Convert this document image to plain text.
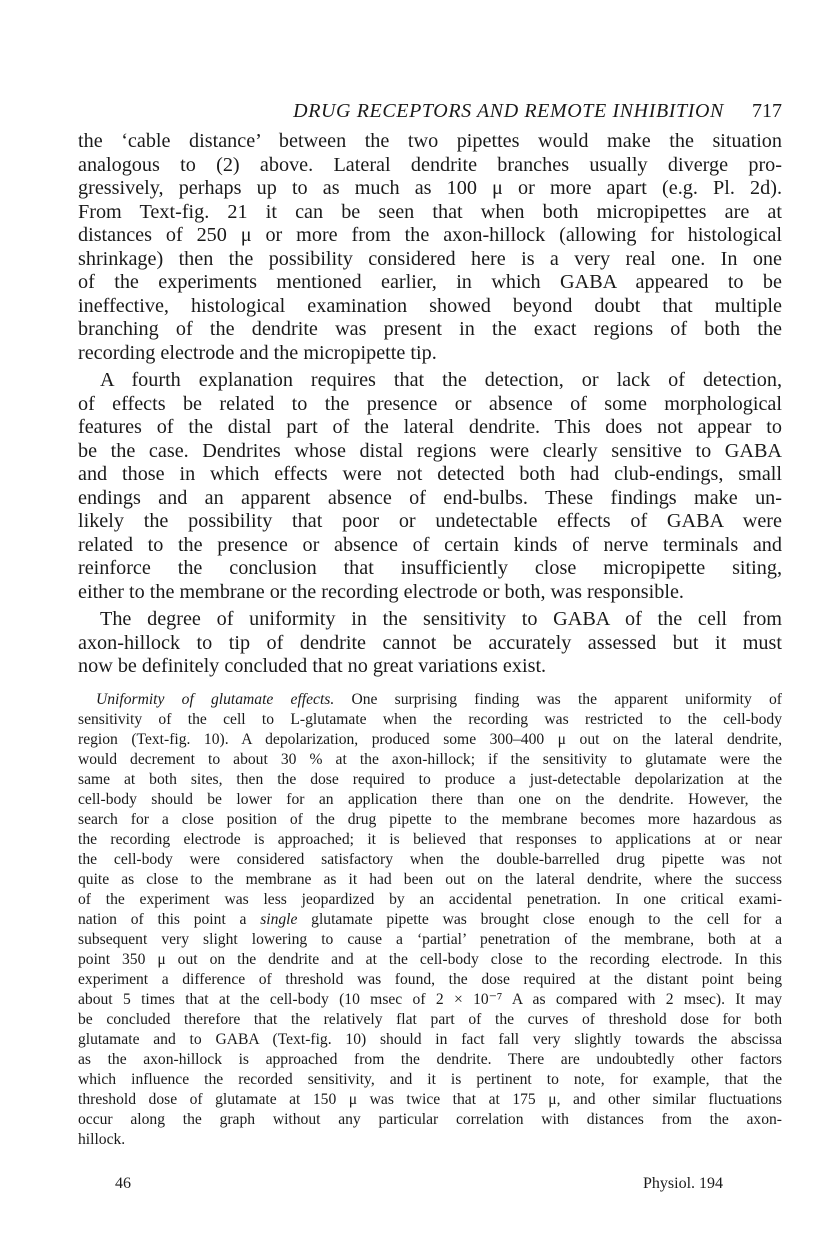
DRUG RECEPTORS AND REMOTE INHIBITION 717
the ‘cable distance’ between the two pipettes would make the situation
analogous to (2) above. Lateral dendrite branches usually diverge pro-
gressively, perhaps up to as much as 100 μ or more apart (e.g. Pl. 2d).
From Text-fig. 21 it can be seen that when both micropipettes are at
distances of 250 μ or more from the axon-hillock (allowing for histological
shrinkage) then the possibility considered here is a very real one. In one
of the experiments mentioned earlier, in which GABA appeared to be
ineffective, histological examination showed beyond doubt that multiple
branching of the dendrite was present in the exact regions of both the
recording electrode and the micropipette tip.
A fourth explanation requires that the detection, or lack of detection,
of effects be related to the presence or absence of some morphological
features of the distal part of the lateral dendrite. This does not appear to
be the case. Dendrites whose distal regions were clearly sensitive to GABA
and those in which effects were not detected both had club-endings, small
endings and an apparent absence of end-bulbs. These findings make un-
likely the possibility that poor or undetectable effects of GABA were
related to the presence or absence of certain kinds of nerve terminals and
reinforce the conclusion that insufficiently close micropipette siting,
either to the membrane or the recording electrode or both, was responsible.
The degree of uniformity in the sensitivity to GABA of the cell from
axon-hillock to tip of dendrite cannot be accurately assessed but it must
now be definitely concluded that no great variations exist.
Uniformity of glutamate effects. One surprising finding was the apparent uniformity of
sensitivity of the cell to L-glutamate when the recording was restricted to the cell-body
region (Text-fig. 10). A depolarization, produced some 300–400 μ out on the lateral dendrite,
would decrement to about 30 % at the axon-hillock; if the sensitivity to glutamate were the
same at both sites, then the dose required to produce a just-detectable depolarization at the
cell-body should be lower for an application there than one on the dendrite. However, the
search for a close position of the drug pipette to the membrane becomes more hazardous as
the recording electrode is approached; it is believed that responses to applications at or near
the cell-body were considered satisfactory when the double-barrelled drug pipette was not
quite as close to the membrane as it had been out on the lateral dendrite, where the success
of the experiment was less jeopardized by an accidental penetration. In one critical exami-
nation of this point a single glutamate pipette was brought close enough to the cell for a
subsequent very slight lowering to cause a ‘partial’ penetration of the membrane, both at a
point 350 μ out on the dendrite and at the cell-body close to the recording electrode. In this
experiment a difference of threshold was found, the dose required at the distant point being
about 5 times that at the cell-body (10 msec of 2 × 10⁻⁷ A as compared with 2 msec). It may
be concluded therefore that the relatively flat part of the curves of threshold dose for both
glutamate and to GABA (Text-fig. 10) should in fact fall very slightly towards the abscissa
as the axon-hillock is approached from the dendrite. There are undoubtedly other factors
which influence the recorded sensitivity, and it is pertinent to note, for example, that the
threshold dose of glutamate at 150 μ was twice that at 175 μ, and other similar fluctuations
occur along the graph without any particular correlation with distances from the axon-
hillock.
46	Physiol. 194
